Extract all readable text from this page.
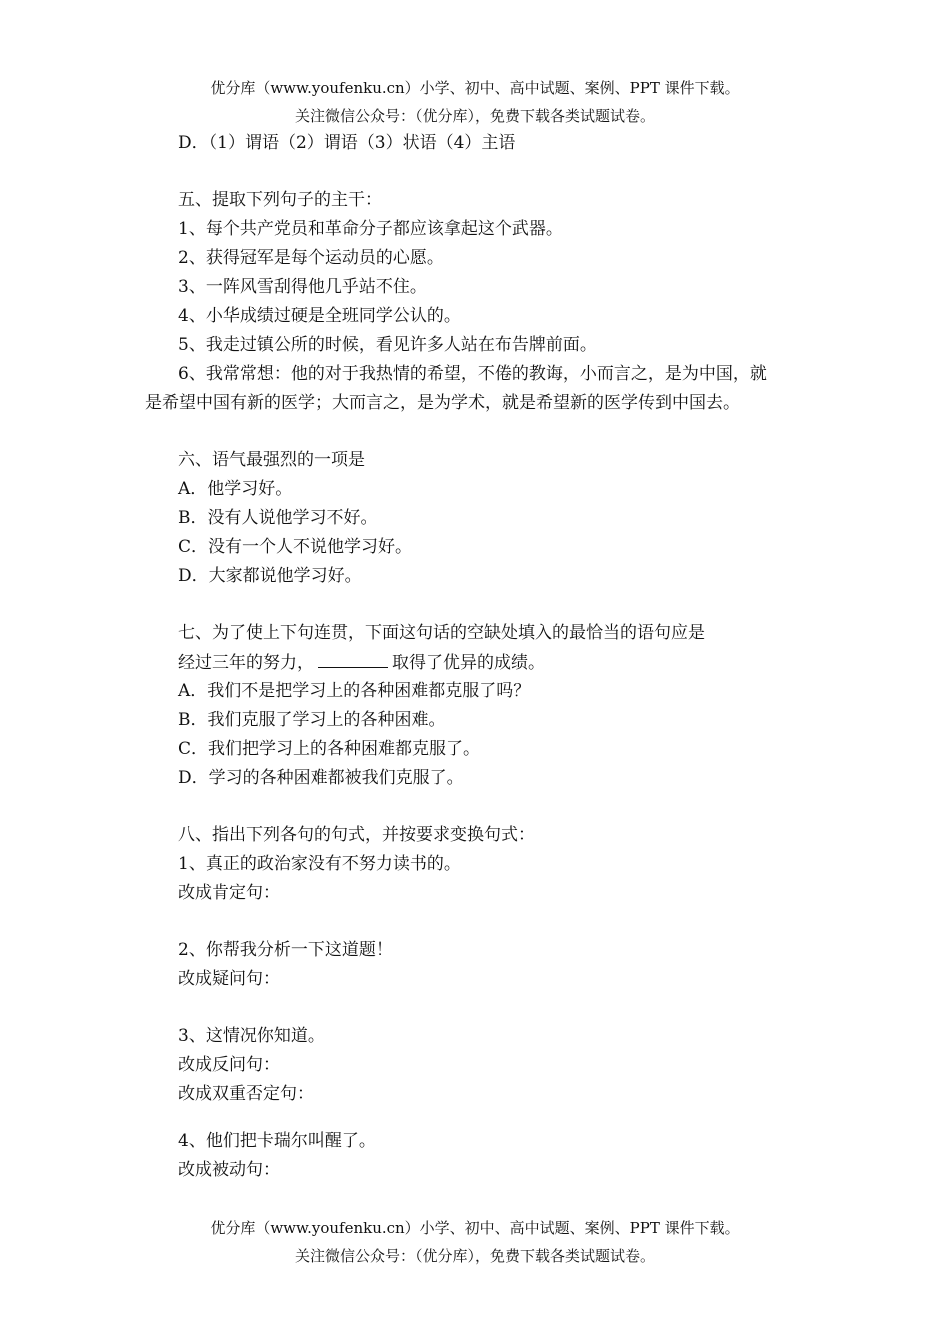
优分库（www.youfenku.cn）小学、初中、高中试题、案例、PPT 课件下载。
关注微信公众号：（优分库），免费下载各类试题试卷。
D．（1）谓语（2）谓语（3）状语（4）主语
五、提取下列句子的主干：
1、每个共产党员和革命分子都应该拿起这个武器。
2、获得冠军是每个运动员的心愿。
3、一阵风雪刮得他几乎站不住。
4、小华成绩过硬是全班同学公认的。
5、我走过镇公所的时候，看见许多人站在布告牌前面。
6、我常常想：他的对于我热情的希望，不倦的教诲，小而言之，是为中国，就
是希望中国有新的医学；大而言之，是为学术，就是希望新的医学传到中国去。
六、语气最强烈的一项是
A．他学习好。
B．没有人说他学习不好。
C．没有一个人不说他学习好。
D．大家都说他学习好。
七、为了使上下句连贯，下面这句话的空缺处填入的最恰当的语句应是
经过三年的努力，	取得了优异的成绩。
A．我们不是把学习上的各种困难都克服了吗？
B．我们克服了学习上的各种困难。
C．我们把学习上的各种困难都克服了。
D．学习的各种困难都被我们克服了。
八、指出下列各句的句式，并按要求变换句式：
1、真正的政治家没有不努力读书的。
改成肯定句：
2、你帮我分析一下这道题！
改成疑问句：
3、这情况你知道。
改成反问句：
改成双重否定句：
4、他们把卡瑞尔叫醒了。
改成被动句：
优分库（www.youfenku.cn）小学、初中、高中试题、案例、PPT 课件下载。
关注微信公众号：（优分库），免费下载各类试题试卷。
